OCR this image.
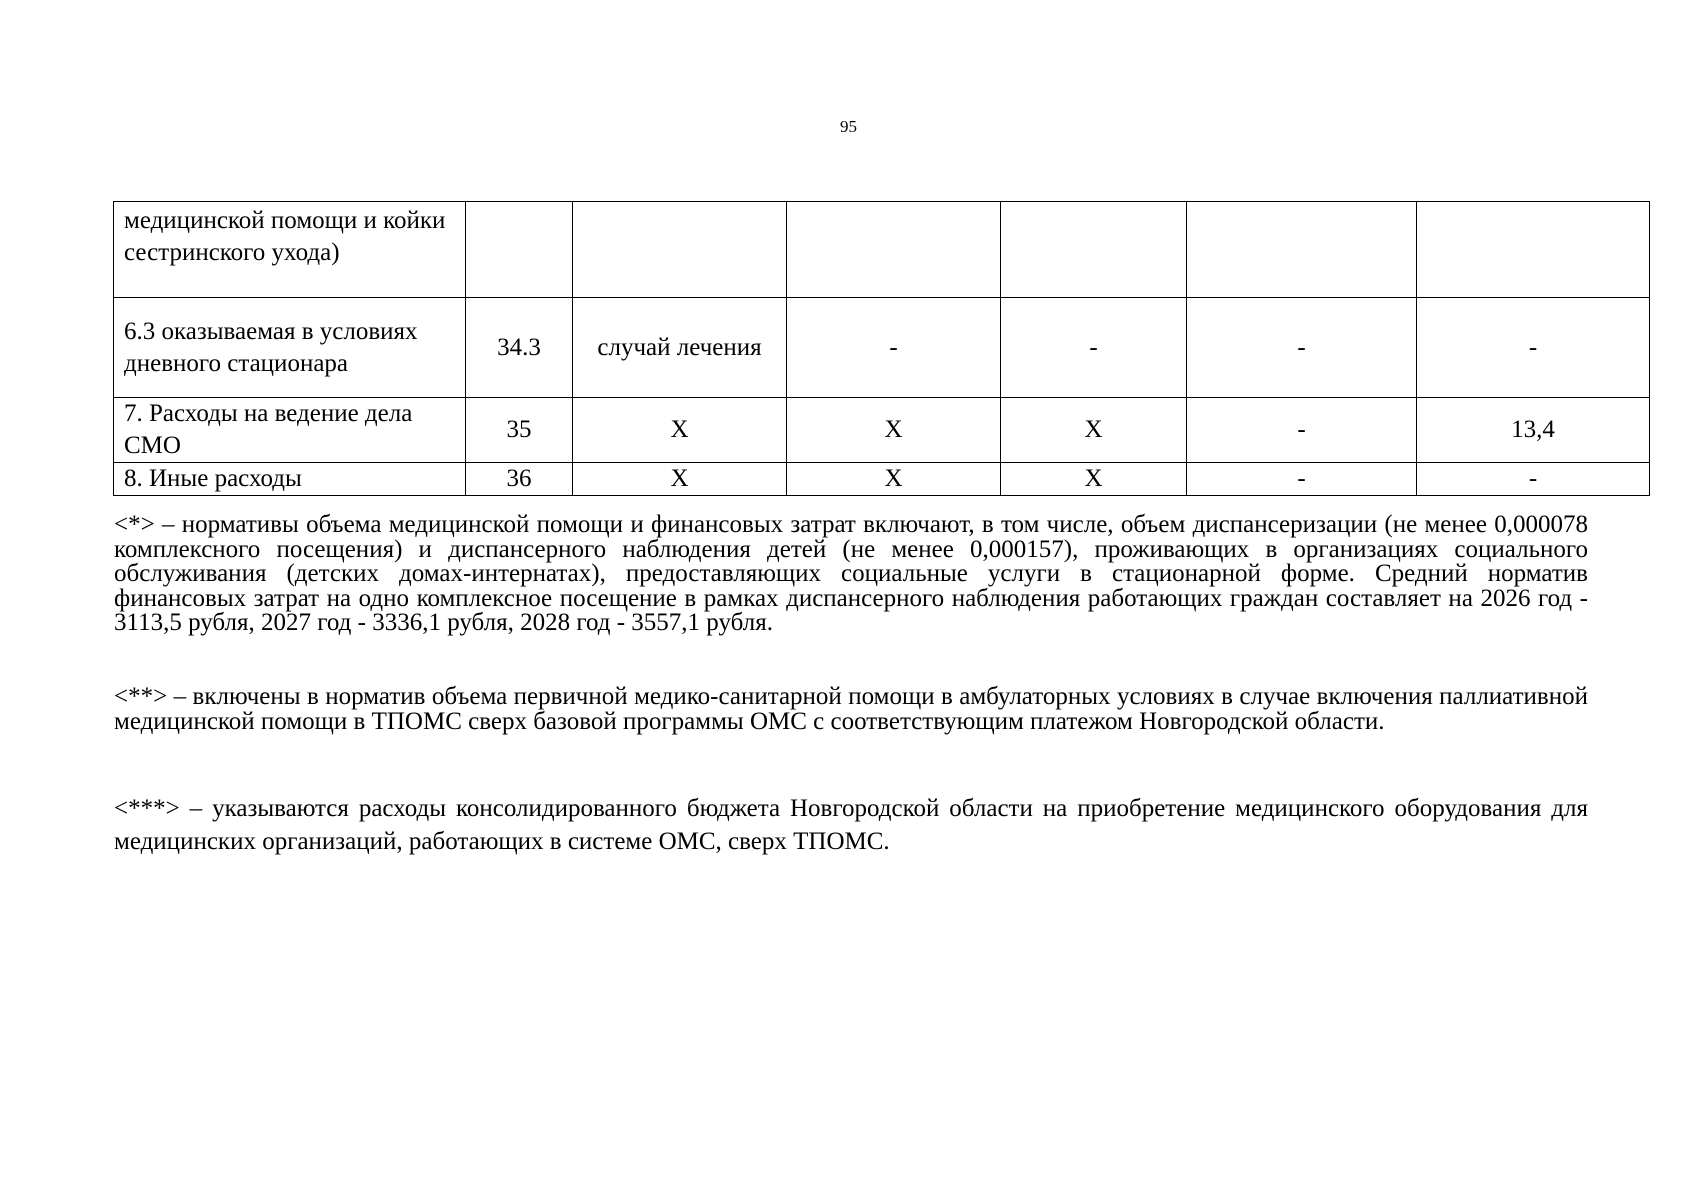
95
медицинской помощи и койки сестринского ухода)						
6.3 оказываемая в условиях дневного стационара	34.3	случай лечения	-	-	-	-
7. Расходы на ведение дела СМО	35	X	X	X	-	13,4
8. Иные расходы	36	X	X	X	-	-

<*> – нормативы объема медицинской помощи и финансовых затрат включают, в том числе, объем диспансеризации (не менее 0,000078 комплексного посещения) и диспансерного наблюдения детей (не менее 0,000157), проживающих в организациях социального обслуживания (детских домах-интернатах), предоставляющих социальные услуги в стационарной форме. Средний норматив финансовых затрат на одно комплексное посещение в рамках диспансерного наблюдения работающих граждан составляет на 2026 год - 3113,5 рубля, 2027 год - 3336,1 рубля, 2028 год - 3557,1 рубля.

<**> – включены в норматив объема первичной медико-санитарной помощи в амбулаторных условиях в случае включения паллиативной медицинской помощи в ТПОМС сверх базовой программы ОМС с соответствующим платежом Новгородской области.

<***> – указываются расходы консолидированного бюджета Новгородской области на приобретение медицинского оборудования для медицинских организаций, работающих в системе ОМС, сверх ТПОМС.
